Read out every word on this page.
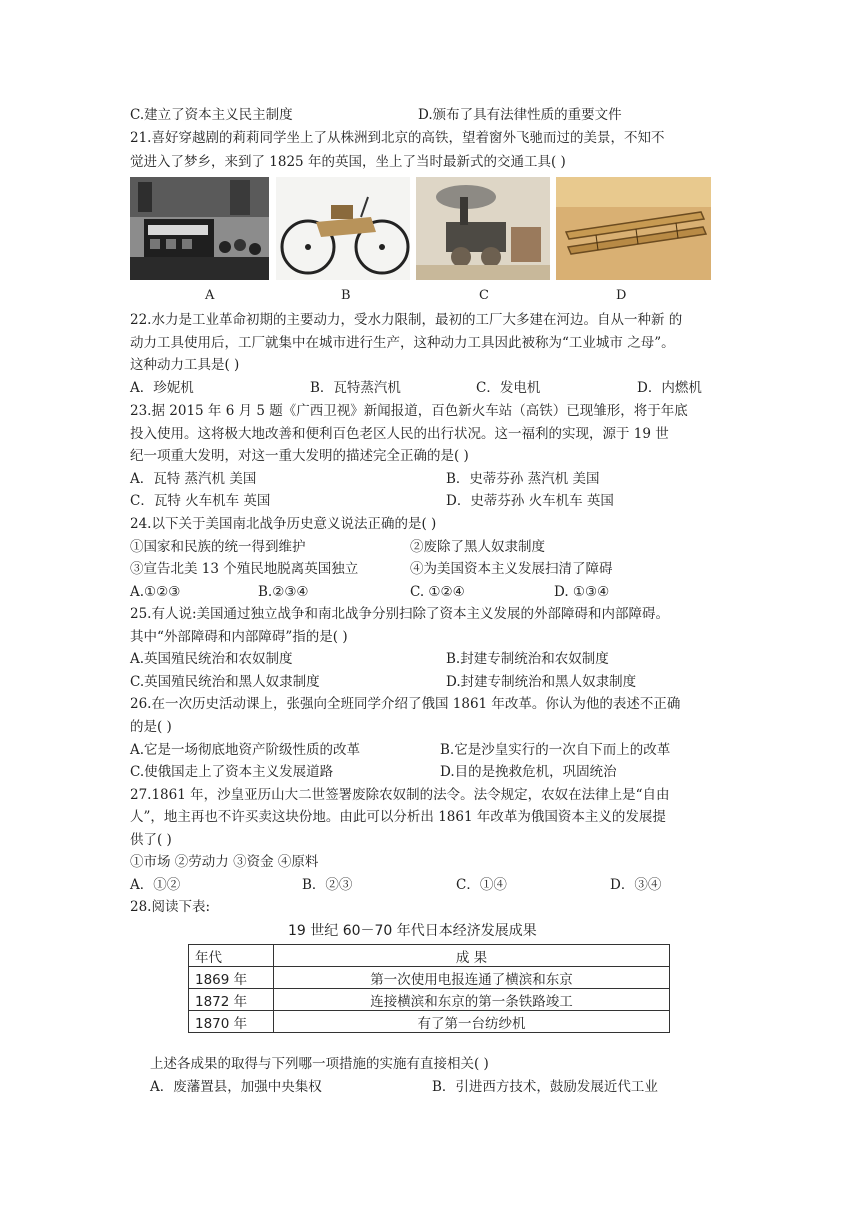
C.建立了资本主义民主制度	D.颁布了具有法律性质的重要文件
21.喜好穿越剧的莉莉同学坐上了从株洲到北京的高铁，望着窗外飞驰而过的美景，不知不
觉进入了梦乡，来到了 1825 年的英国，坐上了当时最新式的交通工具( )
A	B	C	D
22.水力是工业革命初期的主要动力，受水力限制，最初的工厂大多建在河边。自从一种新 的
动力工具使用后，工厂就集中在城市进行生产，这种动力工具因此被称为“工业城市 之母”。
这种动力工具是( )
A．珍妮机	B．瓦特蒸汽机	C．发电机	D．内燃机
23.据 2015 年 6 月 5 题《广西卫视》新闻报道，百色新火车站（高铁）已现雏形，将于年底
投入使用。这将极大地改善和便利百色老区人民的出行状况。这一福利的实现，源于 19 世
纪一项重大发明，对这一重大发明的描述完全正确的是( )
A．瓦特 蒸汽机 美国	B．史蒂芬孙 蒸汽机 美国
C．瓦特 火车机车 英国	D．史蒂芬孙 火车机车 英国
24.以下关于美国南北战争历史意义说法正确的是( )
①国家和民族的统一得到维护	②废除了黑人奴隶制度
③宣告北美 13 个殖民地脱离英国独立	④为美国资本主义发展扫清了障碍
A.①②③	B.②③④	C. ①②④	D. ①③④
25.有人说:美国通过独立战争和南北战争分别扫除了资本主义发展的外部障碍和内部障碍。
其中“外部障碍和内部障碍”指的是( )
A.英国殖民统治和农奴制度	B.封建专制统治和农奴制度
C.英国殖民统治和黑人奴隶制度	D.封建专制统治和黑人奴隶制度
26.在一次历史活动课上，张强向全班同学介绍了俄国 1861 年改革。你认为他的表述不正确
的是( )
A.它是一场彻底地资产阶级性质的改革	B.它是沙皇实行的一次自下而上的改革
C.使俄国走上了资本主义发展道路	D.目的是挽救危机，巩固统治
27.1861 年，沙皇亚历山大二世签署废除农奴制的法令。法令规定，农奴在法律上是“自由
人”，地主再也不许买卖这块份地。由此可以分析出 1861 年改革为俄国资本主义的发展提
供了( )
①市场 ②劳动力 ③资金 ④原料
A．①②	B．②③	C．①④	D．③④
28.阅读下表:
19 世纪 60－70 年代日本经济发展成果
年代	成 果
1869 年	第一次使用电报连通了横滨和东京
1872 年	连接横滨和东京的第一条铁路竣工
1870 年	有了第一台纺纱机
上述各成果的取得与下列哪一项措施的实施有直接相关( )
A．废藩置县，加强中央集权	B．引进西方技术，鼓励发展近代工业
